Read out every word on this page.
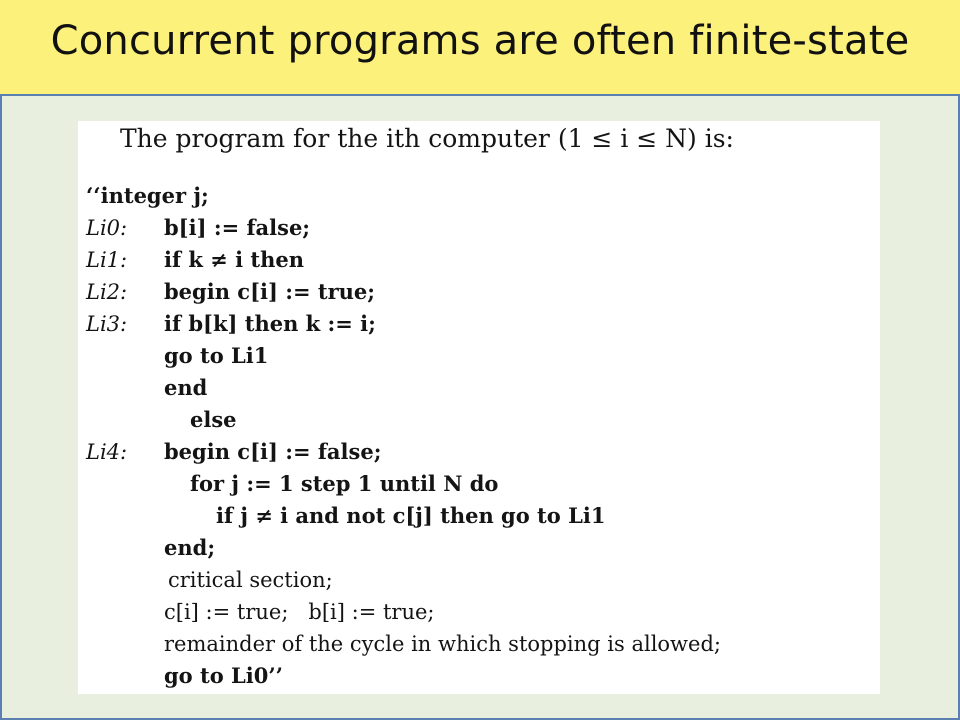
Concurrent programs are often finite-state
The program for the ith computer (1 ≤ i ≤ N) is:
‘‘integer j;
Li0: b[i] := false;
Li1: if k ≠ i then
Li2: begin c[i] := true;
Li3: if b[k] then k := i;
go to Li1
end
else
Li4: begin c[i] := false;
for j := 1 step 1 until N do
if j ≠ i and not c[j] then go to Li1
end;
critical section;
c[i] := true;   b[i] := true;
remainder of the cycle in which stopping is allowed;
go to Li0’’
